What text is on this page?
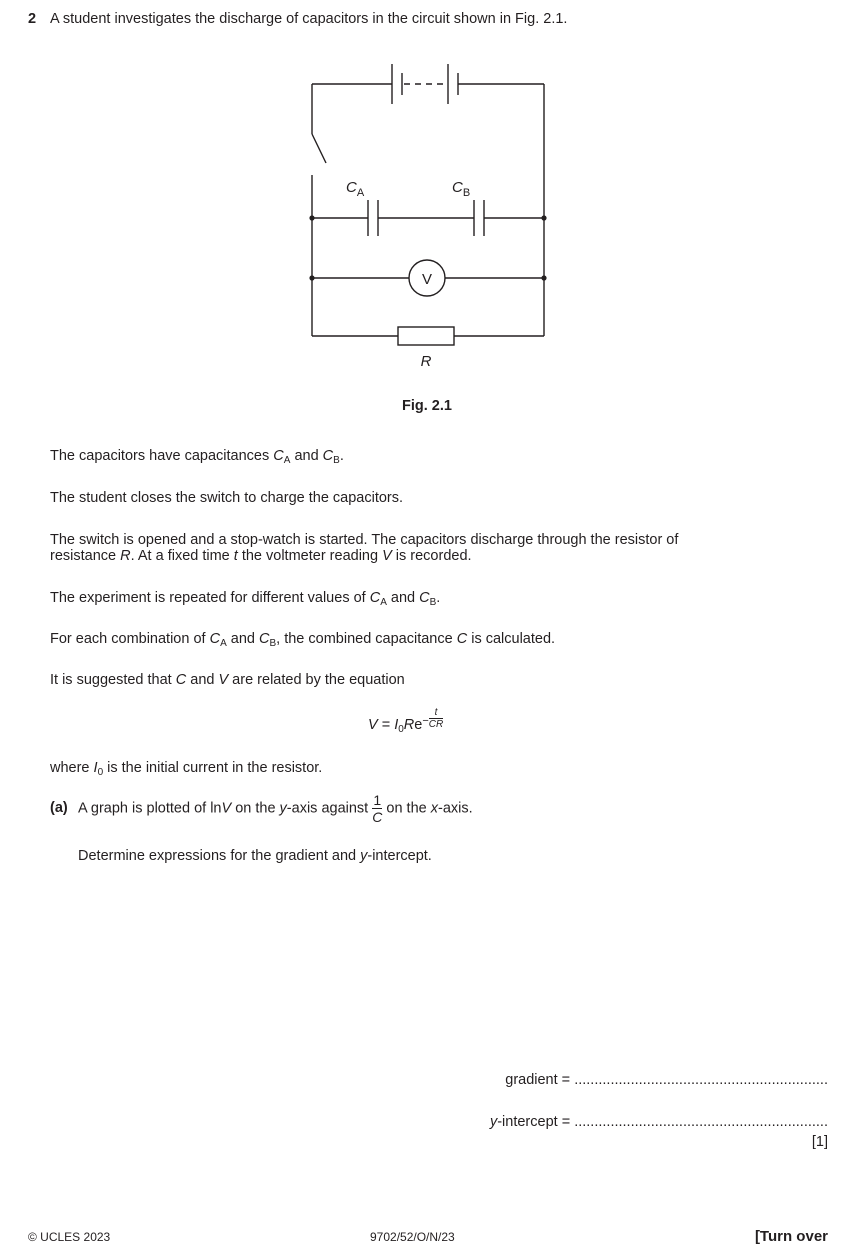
2 A student investigates the discharge of capacitors in the circuit shown in Fig. 2.1.
$C_A$	$C_B$
V
R
Fig. 2.1
The capacitors have capacitances $C_A$ and $C_B$.
The student closes the switch to charge the capacitors.
The switch is opened and a stop-watch is started. The capacitors discharge through the resistor of
resistance R. At a fixed time t the voltmeter reading V is recorded.
The experiment is repeated for different values of $C_A$ and $C_B$.
For each combination of $C_A$ and $C_B$, the combined capacitance C is calculated.
It is suggested that C and V are related by the equation
$V = I_0Re^- \frac{t}{CR}$
where $I_0$ is the initial current in the resistor.
(a) A graph is plotted of lnV on the y-axis against $\frac{1}{C}$ on the x-axis.
Determine expressions for the gradient and y-intercept.
gradient = ...............................................................
y-intercept = ...............................................................
[1]
© UCLES 2023	9702/52/O/N/23	[Turn over
